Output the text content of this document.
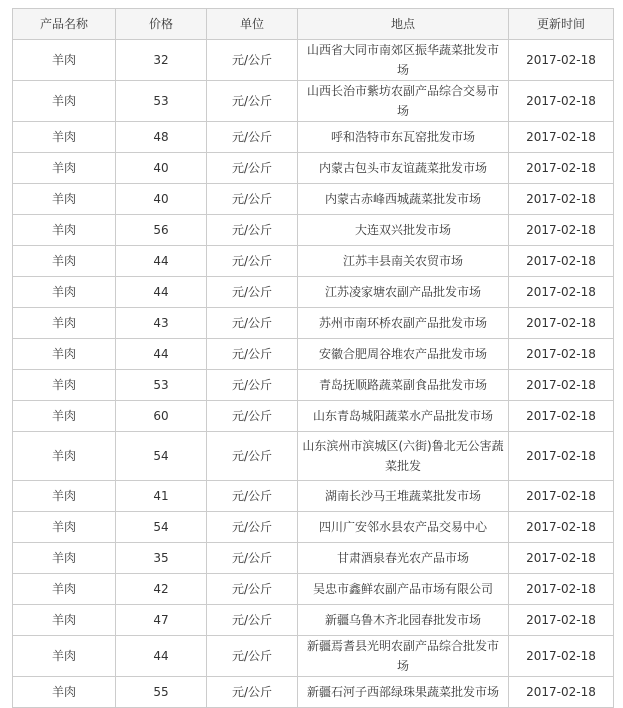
产品名称	价格	单位	地点	更新时间
羊肉	32	元/公斤	山西省大同市南郊区振华蔬菜批发市场	2017-02-18
羊肉	53	元/公斤	山西长治市紫坊农副产品综合交易市场	2017-02-18
羊肉	48	元/公斤	呼和浩特市东瓦窑批发市场	2017-02-18
羊肉	40	元/公斤	内蒙古包头市友谊蔬菜批发市场	2017-02-18
羊肉	40	元/公斤	内蒙古赤峰西城蔬菜批发市场	2017-02-18
羊肉	56	元/公斤	大连双兴批发市场	2017-02-18
羊肉	44	元/公斤	江苏丰县南关农贸市场	2017-02-18
羊肉	44	元/公斤	江苏凌家塘农副产品批发市场	2017-02-18
羊肉	43	元/公斤	苏州市南环桥农副产品批发市场	2017-02-18
羊肉	44	元/公斤	安徽合肥周谷堆农产品批发市场	2017-02-18
羊肉	53	元/公斤	青岛抚顺路蔬菜副食品批发市场	2017-02-18
羊肉	60	元/公斤	山东青岛城阳蔬菜水产品批发市场	2017-02-18
羊肉	54	元/公斤	山东滨州市滨城区(六街)鲁北无公害蔬菜批发	2017-02-18
羊肉	41	元/公斤	湖南长沙马王堆蔬菜批发市场	2017-02-18
羊肉	54	元/公斤	四川广安邻水县农产品交易中心	2017-02-18
羊肉	35	元/公斤	甘肃酒泉春光农产品市场	2017-02-18
羊肉	42	元/公斤	吴忠市鑫鲜农副产品市场有限公司	2017-02-18
羊肉	47	元/公斤	新疆乌鲁木齐北园春批发市场	2017-02-18
羊肉	44	元/公斤	新疆焉耆县光明农副产品综合批发市场	2017-02-18
羊肉	55	元/公斤	新疆石河子西部绿珠果蔬菜批发市场	2017-02-18
